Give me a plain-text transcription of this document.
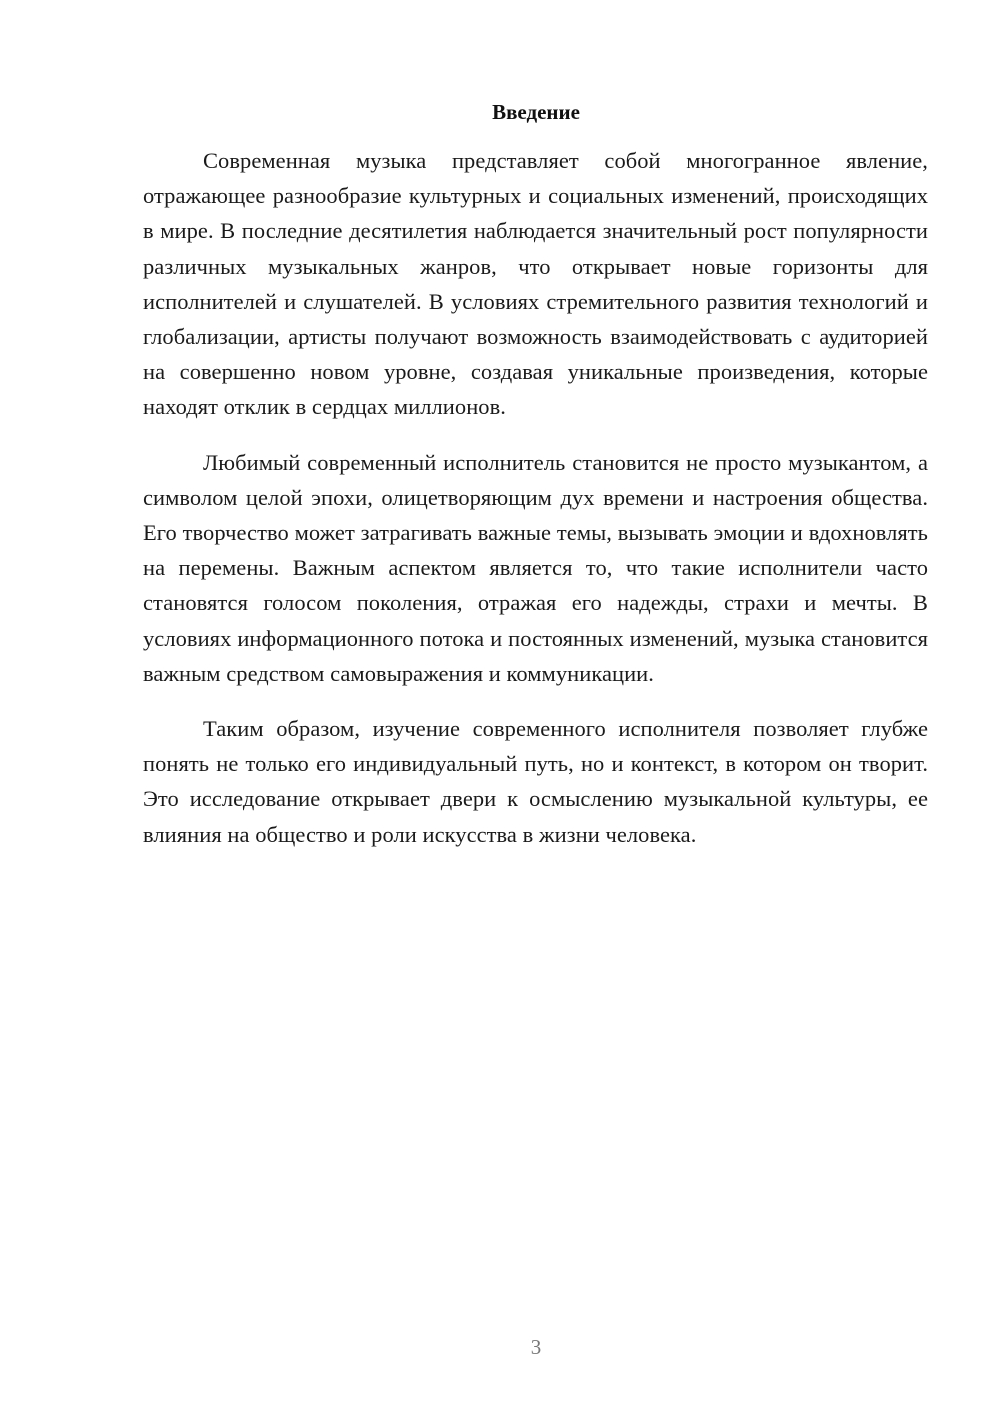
Введение

Современная музыка представляет собой многогранное явление, отражающее разнообразие культурных и социальных изменений, происходящих в мире. В последние десятилетия наблюдается значительный рост популярности различных музыкальных жанров, что открывает новые горизонты для исполнителей и слушателей. В условиях стремительного развития технологий и глобализации, артисты получают возможность взаимодействовать с аудиторией на совершенно новом уровне, создавая уникальные произведения, которые находят отклик в сердцах миллионов.

Любимый современный исполнитель становится не просто музыкантом, а символом целой эпохи, олицетворяющим дух времени и настроения общества. Его творчество может затрагивать важные темы, вызывать эмоции и вдохновлять на перемены. Важным аспектом является то, что такие исполнители часто становятся голосом поколения, отражая его надежды, страхи и мечты. В условиях информационного потока и постоянных изменений, музыка становится важным средством самовыражения и коммуникации.

Таким образом, изучение современного исполнителя позволяет глубже понять не только его индивидуальный путь, но и контекст, в котором он творит. Это исследование открывает двери к осмыслению музыкальной культуры, ее влияния на общество и роли искусства в жизни человека.

3
